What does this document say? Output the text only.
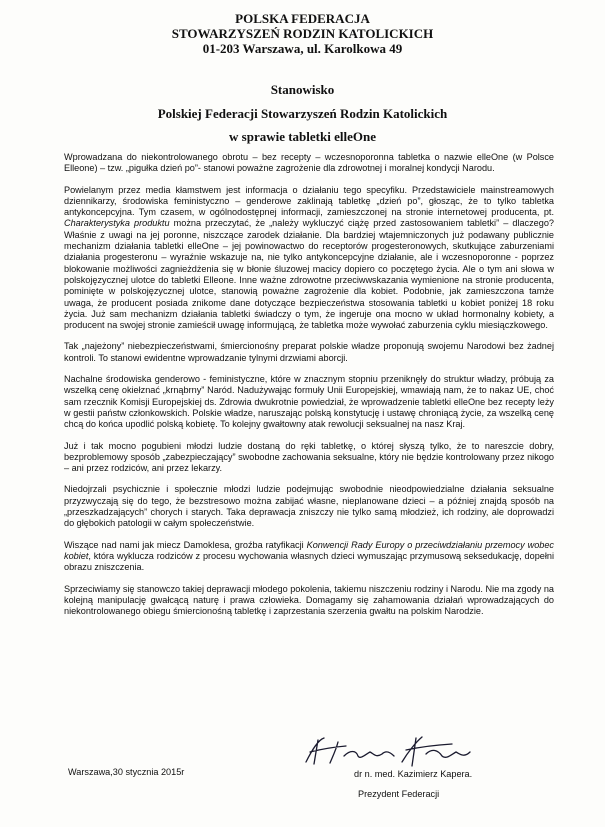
POLSKA FEDERACJA
STOWARZYSZEŃ RODZIN KATOLICKICH
01-203 Warszawa, ul. Karolkowa 49
Stanowisko
Polskiej Federacji Stowarzyszeń Rodzin Katolickich
w sprawie tabletki elleOne

Wprowadzana do niekontrolowanego obrotu – bez recepty – wczesnoporonna tabletka o nazwie elleOne (w Polsce Elleone) – tzw. „pigułka dzień po”- stanowi poważne zagrożenie dla zdrowotnej i moralnej kondycji Narodu.

Powielanym przez media kłamstwem jest informacja o działaniu tego specyfiku. Przedstawiciele mainstreamowych dziennikarzy, środowiska feministyczno – genderowe zaklinają tabletkę „dzień po”, głosząc, że to tylko tabletka antykoncepcyjna. Tym czasem, w ogólnodostępnej informacji, zamieszczonej na stronie internetowej producenta, pt. Charakterystyka produktu można przeczytać, że „należy wykluczyć ciążę przed zastosowaniem tabletki” – dlaczego? Właśnie z uwagi na jej poronne, niszczące zarodek działanie. Dla bardziej wtajemniczonych już podawany publicznie mechanizm działania tabletki elleOne – jej powinowactwo do receptorów progesteronowych, skutkujące zaburzeniami działania progesteronu – wyraźnie wskazuje na, nie tylko antykoncepcyjne działanie, ale i wczesnoporonne - poprzez blokowanie możliwości zagnieżdżenia się w błonie śluzowej macicy dopiero co poczętego życia. Ale o tym ani słowa w polskojęzycznej ulotce do tabletki Elleone. Inne ważne zdrowotne przeciwwskazania wymienione na stronie producenta, pominięte w polskojęzycznej ulotce, stanowią poważne zagrożenie dla kobiet. Podobnie, jak zamieszczona tamże uwaga, że producent posiada znikome dane dotyczące bezpieczeństwa stosowania tabletki u kobiet poniżej 18 roku życia. Już sam mechanizm działania tabletki świadczy o tym, że ingeruje ona mocno w układ hormonalny kobiety, a producent na swojej stronie zamieścił uwagę informującą, że tabletka może wywołać zaburzenia cyklu miesiączkowego.

Tak „najeżony” niebezpieczeństwami, śmiercionośny preparat polskie władze proponują swojemu Narodowi bez żadnej kontroli. To stanowi ewidentne wprowadzanie tylnymi drzwiami aborcji.

Nachalne środowiska genderowo - feministyczne, które w znacznym stopniu przeniknęły do struktur władzy, próbują za wszelką cenę okiełznać „krnąbrny” Naród. Nadużywając formuły Unii Europejskiej, wmawiają nam, że to nakaz UE, choć sam rzecznik Komisji Europejskiej ds. Zdrowia dwukrotnie powiedział, że wprowadzenie tabletki elleOne bez recepty leży w gestii państw członkowskich. Polskie władze, naruszając polską konstytucję i ustawę chroniącą życie, za wszelką cenę chcą do końca upodlić polską kobietę. To kolejny gwałtowny atak rewolucji seksualnej na nasz Kraj.

Już i tak mocno pogubieni młodzi ludzie dostaną do ręki tabletkę, o której słyszą tylko, że to nareszcie dobry, bezproblemowy sposób „zabezpieczający” swobodne zachowania seksualne, który nie będzie kontrolowany przez nikogo – ani przez rodziców, ani przez lekarzy.

Niedojrzali psychicznie i społecznie młodzi ludzie podejmując swobodnie nieodpowiedzialne działania seksualne przyzwyczają się do tego, że bezstresowo można zabijać własne, nieplanowane dzieci – a później znajdą sposób na „przeszkadzających” chorych i starych. Taka deprawacja zniszczy nie tylko samą młodzież, ich rodziny, ale doprowadzi do głębokich patologii w całym społeczeństwie.

Wiszące nad nami jak miecz Damoklesa, groźba ratyfikacji Konwencji Rady Europy o przeciwdziałaniu przemocy wobec kobiet, która wyklucza rodziców z procesu wychowania własnych dzieci wymuszając przymusową seksedukację, dopełni obrazu zniszczenia.

Sprzeciwiamy się stanowczo takiej deprawacji młodego pokolenia, takiemu niszczeniu rodziny i Narodu. Nie ma zgody na kolejną manipulację gwałcącą naturę i prawa człowieka. Domagamy się zahamowania działań wprowadzających do niekontrolowanego obiegu śmiercionośną tabletkę i zaprzestania szerzenia gwałtu na polskim Narodzie.

Warszawa,30 stycznia 2015r	dr n. med. Kazimierz Kapera.
Prezydent Federacji
